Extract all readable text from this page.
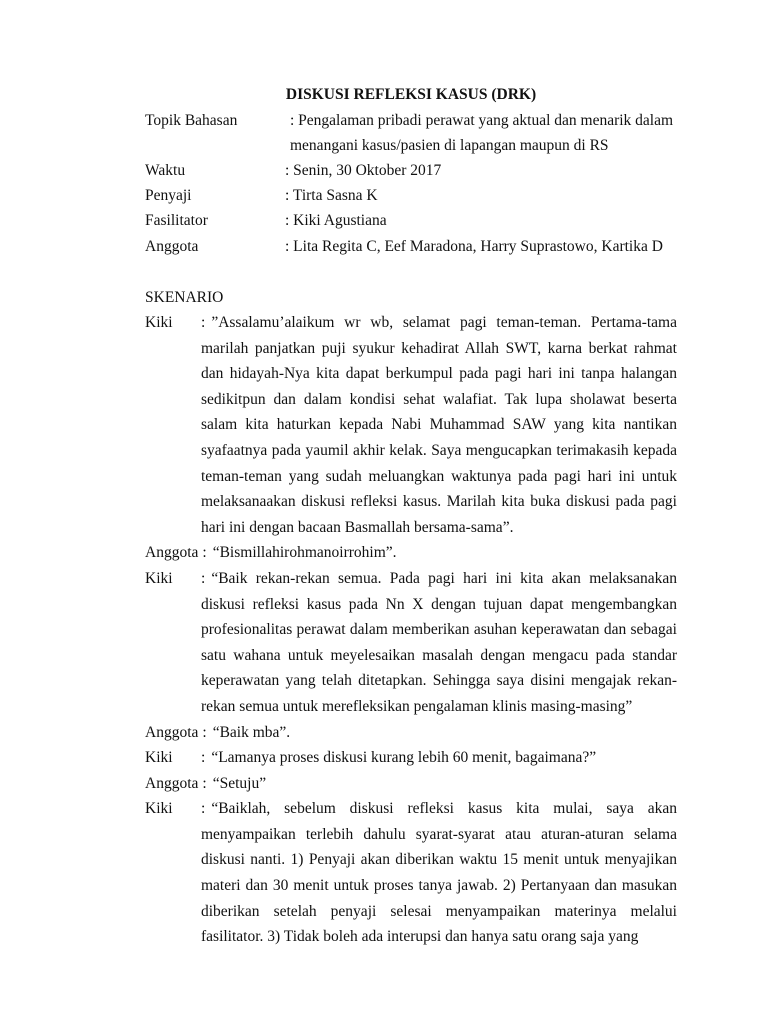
DISKUSI REFLEKSI KASUS (DRK)
Topik Bahasan	: Pengalaman pribadi perawat yang aktual dan menarik dalam
menangani kasus/pasien di lapangan maupun di RS
Waktu	: Senin, 30 Oktober 2017
Penyaji	: Tirta Sasna K
Fasilitator	: Kiki Agustiana
Anggota	: Lita Regita C, Eef Maradona, Harry Suprastowo, Kartika D
SKENARIO
Kiki	: ”Assalamu’alaikum wr wb, selamat pagi teman-teman. Pertama-tama marilah panjatkan puji syukur kehadirat Allah SWT, karna berkat rahmat dan hidayah-Nya kita dapat berkumpul pada pagi hari ini tanpa halangan sedikitpun dan dalam kondisi sehat walafiat. Tak lupa sholawat beserta salam kita haturkan kepada Nabi Muhammad SAW yang kita nantikan syafaatnya pada yaumil akhir kelak. Saya mengucapkan terimakasih kepada teman-teman yang sudah meluangkan waktunya pada pagi hari ini untuk melaksanaakan diskusi refleksi kasus. Marilah kita buka diskusi pada pagi hari ini dengan bacaan Basmallah bersama-sama”.
Anggota : “Bismillahirohmanoirrohim”.
Kiki	: “Baik rekan-rekan semua. Pada pagi hari ini kita akan melaksanakan diskusi refleksi kasus pada Nn X dengan tujuan dapat mengembangkan profesionalitas perawat dalam memberikan asuhan keperawatan dan sebagai satu wahana untuk meyelesaikan masalah dengan mengacu pada standar keperawatan yang telah ditetapkan. Sehingga saya disini mengajak rekan-rekan semua untuk merefleksikan pengalaman klinis masing-masing”
Anggota : “Baik mba”.
Kiki	: “Lamanya proses diskusi kurang lebih 60 menit, bagaimana?”
Anggota : “Setuju”
Kiki	: “Baiklah, sebelum diskusi refleksi kasus kita mulai, saya akan menyampaikan terlebih dahulu syarat-syarat atau aturan-aturan selama diskusi nanti. 1) Penyaji akan diberikan waktu 15 menit untuk menyajikan materi dan 30 menit untuk proses tanya jawab. 2) Pertanyaan dan masukan diberikan setelah penyaji selesai menyampaikan materinya melalui fasilitator. 3) Tidak boleh ada interupsi dan hanya satu orang saja yang
